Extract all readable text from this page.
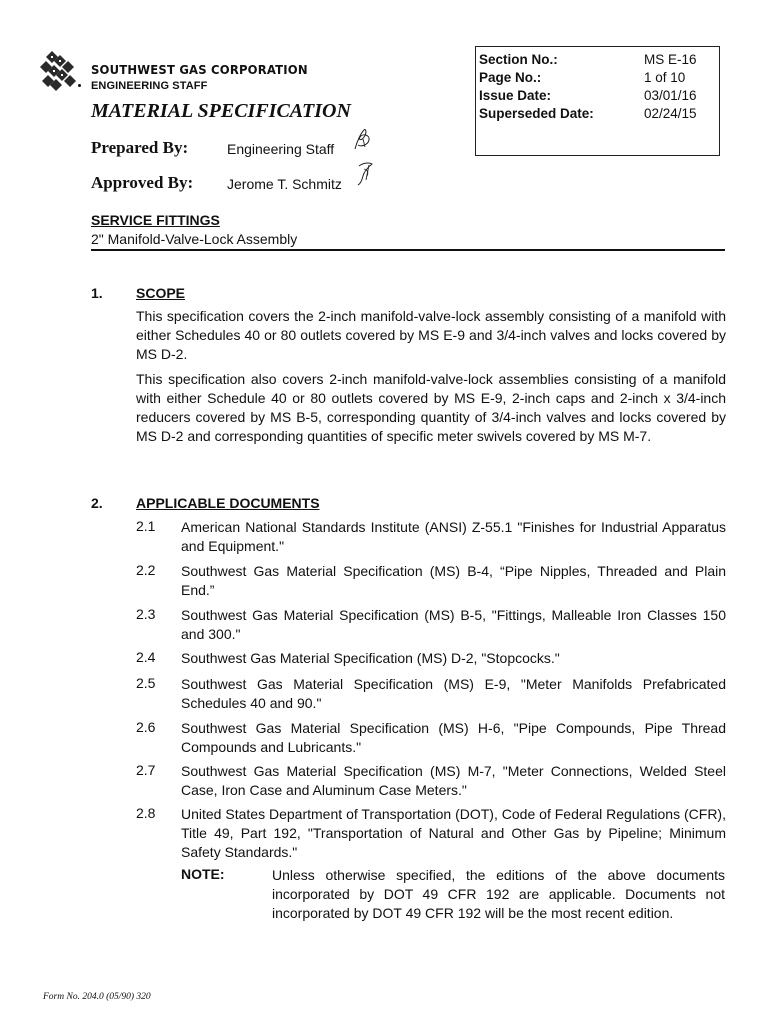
SOUTHWEST GAS CORPORATION
ENGINEERING STAFF
MATERIAL SPECIFICATION
Section No.:	MS E-16
Page No.:	1 of 10
Issue Date:	03/01/16
Superseded Date:	02/24/15
Prepared By:	Engineering Staff
Approved By: Jerome T. Schmitz
SERVICE FITTINGS
2" Manifold-Valve-Lock Assembly
1. SCOPE
This specification covers the 2-inch manifold-valve-lock assembly consisting of a manifold with either Schedules 40 or 80 outlets covered by MS E-9 and 3/4-inch valves and locks covered by MS D-2.
This specification also covers 2-inch manifold-valve-lock assemblies consisting of a manifold with either Schedule 40 or 80 outlets covered by MS E-9, 2-inch caps and 2-inch x 3/4-inch reducers covered by MS B-5, corresponding quantity of 3/4-inch valves and locks covered by MS D-2 and corresponding quantities of specific meter swivels covered by MS M-7.
2. APPLICABLE DOCUMENTS
2.1 American National Standards Institute (ANSI) Z-55.1 "Finishes for Industrial Apparatus and Equipment."
2.2 Southwest Gas Material Specification (MS) B-4, “Pipe Nipples, Threaded and Plain End.”
2.3 Southwest Gas Material Specification (MS) B-5, "Fittings, Malleable Iron Classes 150 and 300."
2.4 Southwest Gas Material Specification (MS) D-2, "Stopcocks."
2.5 Southwest Gas Material Specification (MS) E-9, "Meter Manifolds Prefabricated Schedules 40 and 90."
2.6 Southwest Gas Material Specification (MS) H-6, "Pipe Compounds, Pipe Thread Compounds and Lubricants."
2.7 Southwest Gas Material Specification (MS) M-7, "Meter Connections, Welded Steel Case, Iron Case and Aluminum Case Meters."
2.8 United States Department of Transportation (DOT), Code of Federal Regulations (CFR), Title 49, Part 192, "Transportation of Natural and Other Gas by Pipeline; Minimum Safety Standards."
NOTE:	Unless otherwise specified, the editions of the above documents incorporated by DOT 49 CFR 192 are applicable. Documents not incorporated by DOT 49 CFR 192 will be the most recent edition.
Form No. 204.0 (05/90) 320
